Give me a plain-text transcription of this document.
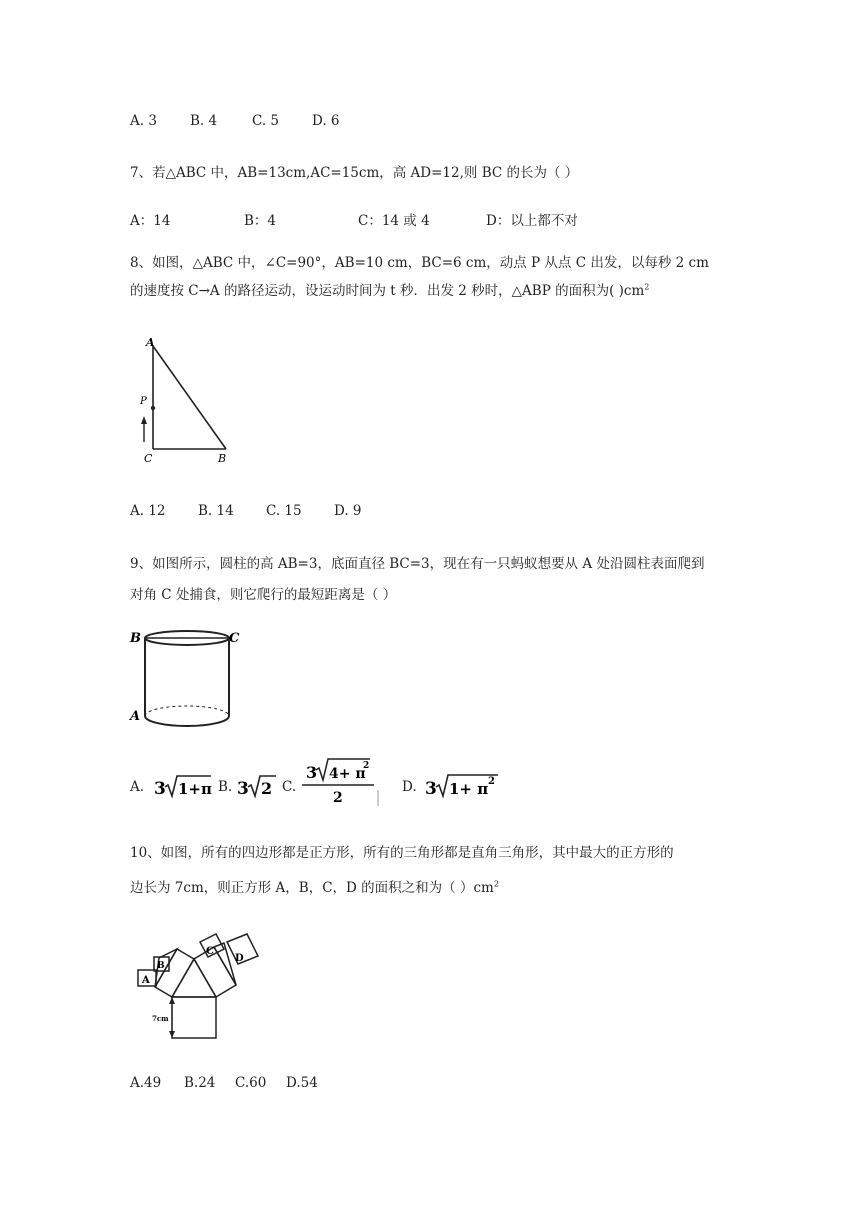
A. 3 B. 4	C. 5 D. 6
7、若△ABC 中，AB=13cm,AC=15cm，高 AD=12,则 BC 的长为（ ）
A：14	B：4	C：14 或 4	D：以上都不对
8、如图，△ABC 中，∠C=90°，AB=10 cm，BC=6 cm，动点 P 从点 C 出发，以每秒 2 cm
的速度按 C→A 的路径运动，设运动时间为 t 秒．出发 2 秒时，△ABP 的面积为( )$cm^2$
A
P
C	B
A. 12 B. 14 C. 15 D. 9
9、如图所示，圆柱的高 AB=3，底面直径 BC=3，现在有一只蚂蚁想要从 A 处沿圆柱表面爬到
对角 C 处捕食，则它爬行的最短距离是（ ）
B	C
A
A. 3 1+π B. 3 2 C.
3 4+ π
2
2
D. 3 1+ π 2
10、如图，所有的四边形都是正方形，所有的三角形都是直角三角形，其中最大的正方形的
边长为 7cm，则正方形 A，B，C，D 的面积之和为（ ）$cm^2$
A
B
C
D
7cm
A.49 B.24 C.60 D.54
